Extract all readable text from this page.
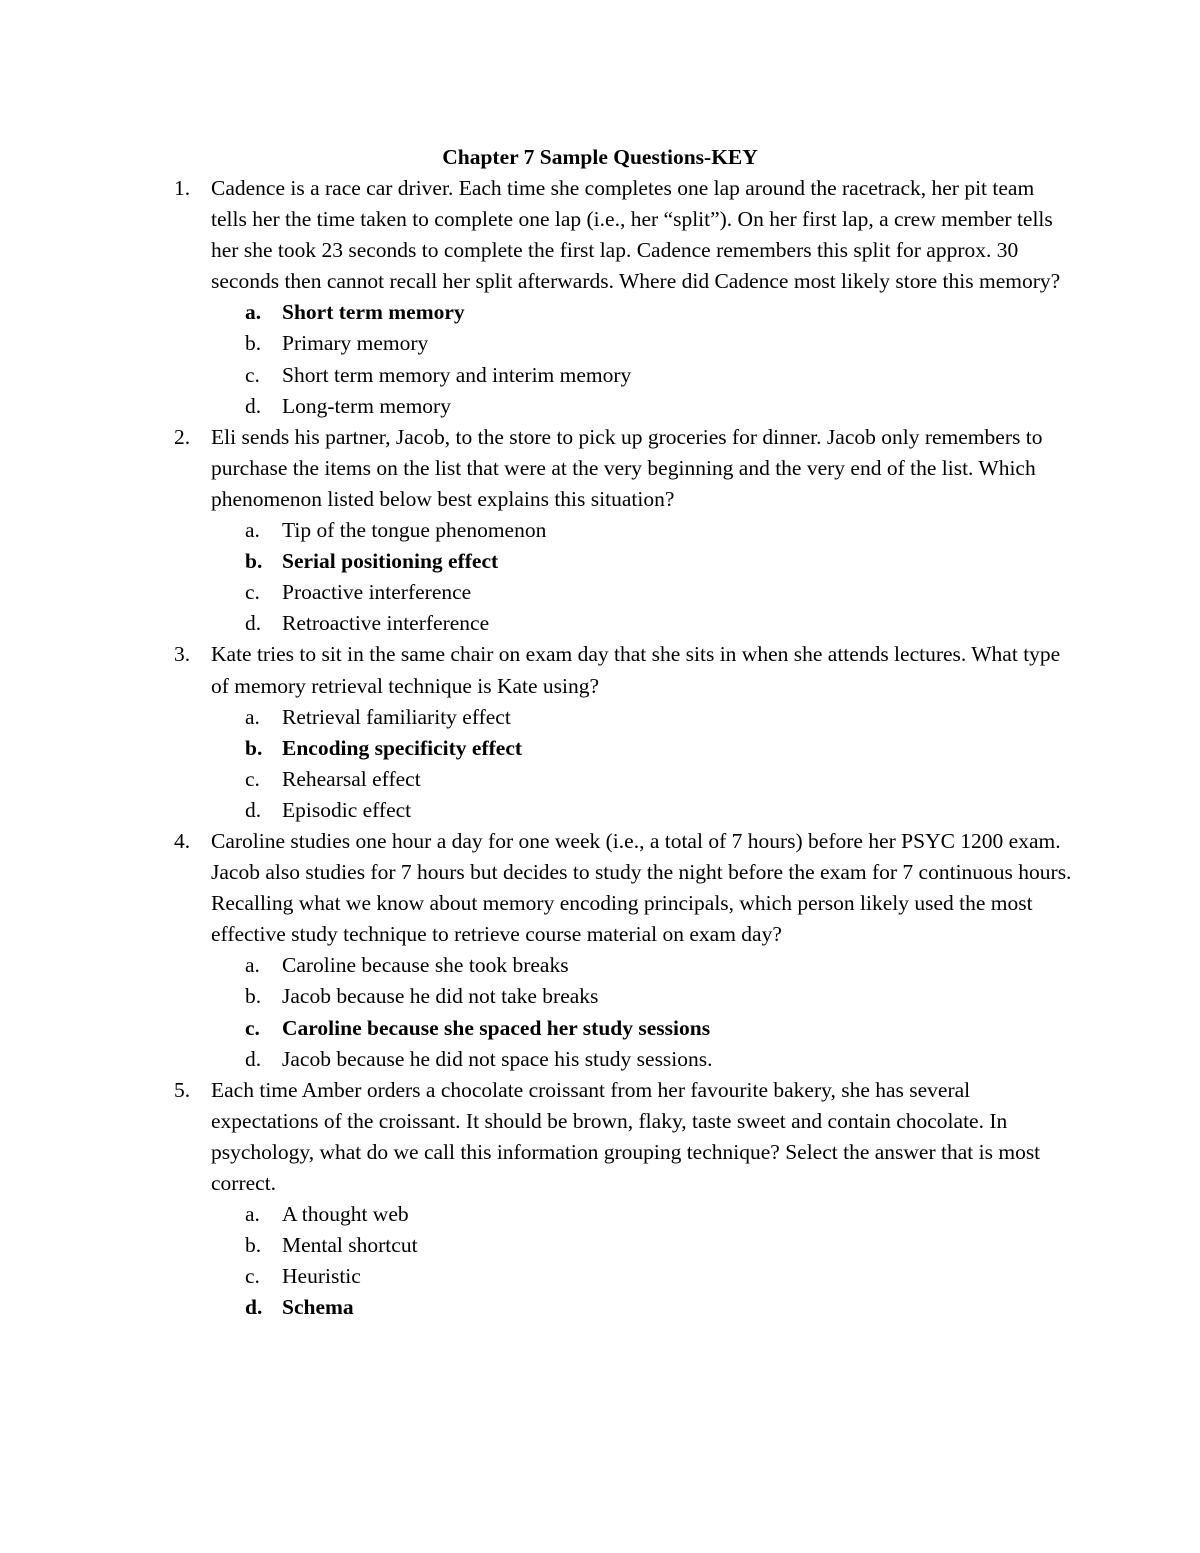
Chapter 7 Sample Questions-KEY
1. Cadence is a race car driver. Each time she completes one lap around the racetrack, her pit team tells her the time taken to complete one lap (i.e., her “split”). On her first lap, a crew member tells her she took 23 seconds to complete the first lap. Cadence remembers this split for approx. 30 seconds then cannot recall her split afterwards. Where did Cadence most likely store this memory?
a. Short term memory
b. Primary memory
c. Short term memory and interim memory
d. Long-term memory
2. Eli sends his partner, Jacob, to the store to pick up groceries for dinner. Jacob only remembers to purchase the items on the list that were at the very beginning and the very end of the list. Which phenomenon listed below best explains this situation?
a. Tip of the tongue phenomenon
b. Serial positioning effect
c. Proactive interference
d. Retroactive interference
3. Kate tries to sit in the same chair on exam day that she sits in when she attends lectures. What type of memory retrieval technique is Kate using?
a. Retrieval familiarity effect
b. Encoding specificity effect
c. Rehearsal effect
d. Episodic effect
4. Caroline studies one hour a day for one week (i.e., a total of 7 hours) before her PSYC 1200 exam. Jacob also studies for 7 hours but decides to study the night before the exam for 7 continuous hours. Recalling what we know about memory encoding principals, which person likely used the most effective study technique to retrieve course material on exam day?
a. Caroline because she took breaks
b. Jacob because he did not take breaks
c. Caroline because she spaced her study sessions
d. Jacob because he did not space his study sessions.
5. Each time Amber orders a chocolate croissant from her favourite bakery, she has several expectations of the croissant. It should be brown, flaky, taste sweet and contain chocolate. In psychology, what do we call this information grouping technique? Select the answer that is most correct.
a. A thought web
b. Mental shortcut
c. Heuristic
d. Schema
